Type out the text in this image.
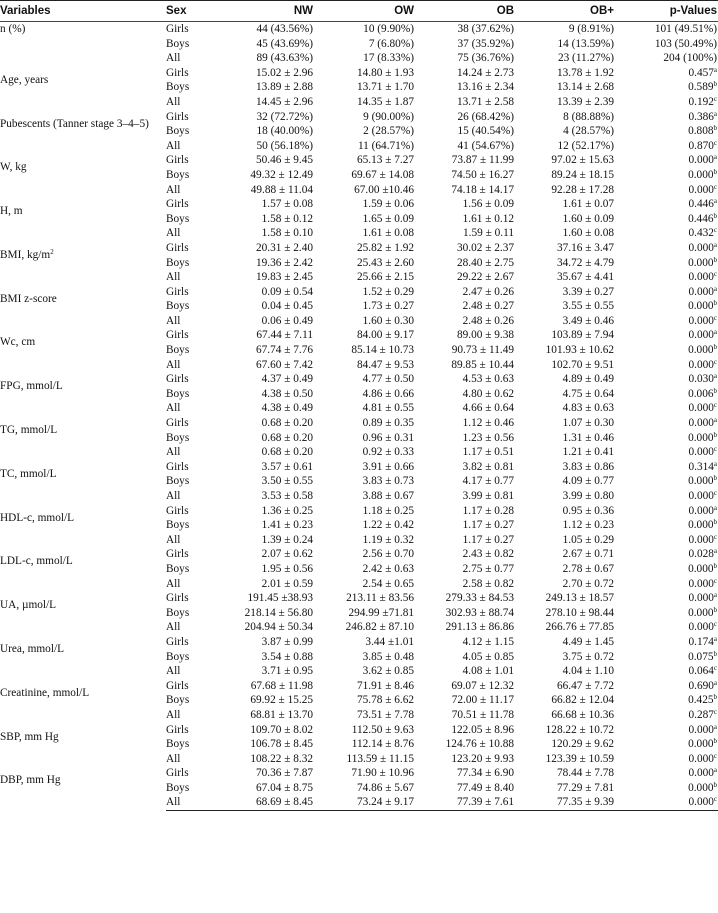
Variables	Sex	NW	OW	OB	OB+	p-Values
n (%)	Girls	44 (43.56%)	10 (9.90%)	38 (37.62%)	9 (8.91%)	101 (49.51%)
	Boys	45 (43.69%)	7 (6.80%)	37 (35.92%)	14 (13.59%)	103 (50.49%)
	All	89 (43.63%)	17 (8.33%)	75 (36.76%)	23 (11.27%)	204 (100%)
Age, years	Girls	15.02 ± 2.96	14.80 ± 1.93	14.24 ± 2.73	13.78 ± 1.92	0.457$^a$
	Boys	13.89 ± 2.88	13.71 ± 1.70	13.16 ± 2.34	13.14 ± 2.68	0.589$^b$
	All	14.45 ± 2.96	14.35 ± 1.87	13.71 ± 2.58	13.39 ± 2.39	0.192$^c$
Pubescents (Tanner stage 3–4–5)	Girls	32 (72.72%)	9 (90.00%)	26 (68.42%)	8 (88.88%)	0.386$^a$
	Boys	18 (40.00%)	2 (28.57%)	15 (40.54%)	4 (28.57%)	0.808$^b$
	All	50 (56.18%)	11 (64.71%)	41 (54.67%)	12 (52.17%)	0.870$^c$
W, kg	Girls	50.46 ± 9.45	65.13 ± 7.27	73.87 ± 11.99	97.02 ± 15.63	0.000$^a$
	Boys	49.32 ± 12.49	69.67 ± 14.08	74.50 ± 16.27	89.24 ± 18.15	0.000$^b$
	All	49.88 ± 11.04	67.00 ±10.46	74.18 ± 14.17	92.28 ± 17.28	0.000$^c$
H, m	Girls	1.57 ± 0.08	1.59 ± 0.06	1.56 ± 0.09	1.61 ± 0.07	0.446$^a$
	Boys	1.58 ± 0.12	1.65 ± 0.09	1.61 ± 0.12	1.60 ± 0.09	0.446$^b$
	All	1.58 ± 0.10	1.61 ± 0.08	1.59 ± 0.11	1.60 ± 0.08	0.432$^c$
BMI, $kg/m^2$	Girls	20.31 ± 2.40	25.82 ± 1.92	30.02 ± 2.37	37.16 ± 3.47	0.000$^a$
	Boys	19.36 ± 2.42	25.43 ± 2.60	28.40 ± 2.75	34.72 ± 4.79	0.000$^b$
	All	19.83 ± 2.45	25.66 ± 2.15	29.22 ± 2.67	35.67 ± 4.41	0.000$^c$
BMI z-score	Girls	0.09 ± 0.54	1.52 ± 0.29	2.47 ± 0.26	3.39 ± 0.27	0.000$^a$
	Boys	0.04 ± 0.45	1.73 ± 0.27	2.48 ± 0.27	3.55 ± 0.55	0.000$^b$
	All	0.06 ± 0.49	1.60 ± 0.30	2.48 ± 0.26	3.49 ± 0.46	0.000$^c$
Wc, cm	Girls	67.44 ± 7.11	84.00 ± 9.17	89.00 ± 9.38	103.89 ± 7.94	0.000$^a$
	Boys	67.74 ± 7.76	85.14 ± 10.73	90.73 ± 11.49	101.93 ± 10.62	0.000$^b$
	All	67.60 ± 7.42	84.47 ± 9.53	89.85 ± 10.44	102.70 ± 9.51	0.000$^c$
FPG, mmol/L	Girls	4.37 ± 0.49	4.77 ± 0.50	4.53 ± 0.63	4.89 ± 0.49	0.030$^a$
	Boys	4.38 ± 0.50	4.86 ± 0.66	4.80 ± 0.62	4.75 ± 0.64	0.006$^b$
	All	4.38 ± 0.49	4.81 ± 0.55	4.66 ± 0.64	4.83 ± 0.63	0.000$^c$
TG, mmol/L	Girls	0.68 ± 0.20	0.89 ± 0.35	1.12 ± 0.46	1.07 ± 0.30	0.000$^a$
	Boys	0.68 ± 0.20	0.96 ± 0.31	1.23 ± 0.56	1.31 ± 0.46	0.000$^b$
	All	0.68 ± 0.20	0.92 ± 0.33	1.17 ± 0.51	1.21 ± 0.41	0.000$^c$
TC, mmol/L	Girls	3.57 ± 0.61	3.91 ± 0.66	3.82 ± 0.81	3.83 ± 0.86	0.314$^a$
	Boys	3.50 ± 0.55	3.83 ± 0.73	4.17 ± 0.77	4.09 ± 0.77	0.000$^b$
	All	3.53 ± 0.58	3.88 ± 0.67	3.99 ± 0.81	3.99 ± 0.80	0.000$^c$
HDL-c, mmol/L	Girls	1.36 ± 0.25	1.18 ± 0.25	1.17 ± 0.28	0.95 ± 0.36	0.000$^a$
	Boys	1.41 ± 0.23	1.22 ± 0.42	1.17 ± 0.27	1.12 ± 0.23	0.000$^b$
	All	1.39 ± 0.24	1.19 ± 0.32	1.17 ± 0.27	1.05 ± 0.29	0.000$^c$
LDL-c, mmol/L	Girls	2.07 ± 0.62	2.56 ± 0.70	2.43 ± 0.82	2.67 ± 0.71	0.028$^a$
	Boys	1.95 ± 0.56	2.42 ± 0.63	2.75 ± 0.77	2.78 ± 0.67	0.000$^b$
	All	2.01 ± 0.59	2.54 ± 0.65	2.58 ± 0.82	2.70 ± 0.72	0.000$^c$
UA, µmol/L	Girls	191.45 ±38.93	213.11 ± 83.56	279.33 ± 84.53	249.13 ± 18.57	0.000$^a$
	Boys	218.14 ± 56.80	294.99 ±71.81	302.93 ± 88.74	278.10 ± 98.44	0.000$^b$
	All	204.94 ± 50.34	246.82 ± 87.10	291.13 ± 86.86	266.76 ± 77.85	0.000$^c$
Urea, mmol/L	Girls	3.87 ± 0.99	3.44 ±1.01	4.12 ± 1.15	4.49 ± 1.45	0.174$^a$
	Boys	3.54 ± 0.88	3.85 ± 0.48	4.05 ± 0.85	3.75 ± 0.72	0.075$^b$
	All	3.71 ± 0.95	3.62 ± 0.85	4.08 ± 1.01	4.04 ± 1.10	0.064$^c$
Creatinine, mmol/L	Girls	67.68 ± 11.98	71.91 ± 8.46	69.07 ± 12.32	66.47 ± 7.72	0.690$^a$
	Boys	69.92 ± 15.25	75.78 ± 6.62	72.00 ± 11.17	66.82 ± 12.04	0.425$^b$
	All	68.81 ± 13.70	73.51 ± 7.78	70.51 ± 11.78	66.68 ± 10.36	0.287$^c$
SBP, mm Hg	Girls	109.70 ± 8.02	112.50 ± 9.63	122.05 ± 8.96	128.22 ± 10.72	0.000$^a$
	Boys	106.78 ± 8.45	112.14 ± 8.76	124.76 ± 10.88	120.29 ± 9.62	0.000$^b$
	All	108.22 ± 8.32	113.59 ± 11.15	123.20 ± 9.93	123.39 ± 10.59	0.000$^c$
DBP, mm Hg	Girls	70.36 ± 7.87	71.90 ± 10.96	77.34 ± 6.90	78.44 ± 7.78	0.000$^a$
	Boys	67.04 ± 8.75	74.86 ± 5.67	77.49 ± 8.40	77.29 ± 7.81	0.000$^b$
	All	68.69 ± 8.45	73.24 ± 9.17	77.39 ± 7.61	77.35 ± 9.39	0.000$^c$
